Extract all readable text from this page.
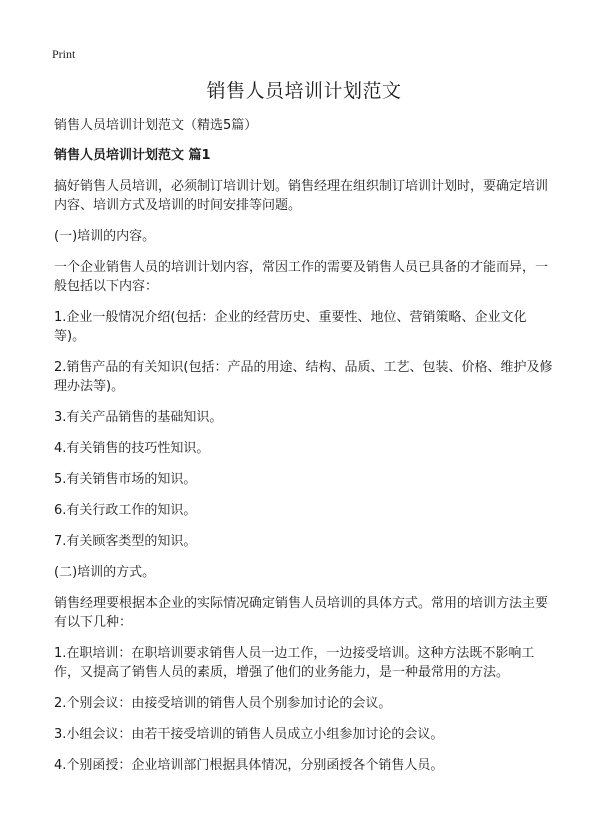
Print
销售人员培训计划范文
销售人员培训计划范文（精选5篇）
销售人员培训计划范文 篇1

搞好销售人员培训，必须制订培训计划。销售经理在组织制订培训计划时，要确定培训内容、培训方式及培训的时间安排等问题。

(一)培训的内容。

一个企业销售人员的培训计划内容，常因工作的需要及销售人员已具备的才能而异，一般包括以下内容：

1.企业一般情况介绍(包括：企业的经营历史、重要性、地位、营销策略、企业文化等)。

2.销售产品的有关知识(包括：产品的用途、结构、品质、工艺、包装、价格、维护及修理办法等)。

3.有关产品销售的基础知识。

4.有关销售的技巧性知识。

5.有关销售市场的知识。

6.有关行政工作的知识。

7.有关顾客类型的知识。

(二)培训的方式。

销售经理要根据本企业的实际情况确定销售人员培训的具体方式。常用的培训方法主要有以下几种：

1.在职培训：在职培训要求销售人员一边工作，一边接受培训。这种方法既不影响工作，又提高了销售人员的素质，增强了他们的业务能力，是一种最常用的方法。

2.个别会议：由接受培训的销售人员个别参加讨论的会议。

3.小组会议：由若干接受培训的销售人员成立小组参加讨论的会议。

4.个别函授：企业培训部门根据具体情况，分别函授各个销售人员。
